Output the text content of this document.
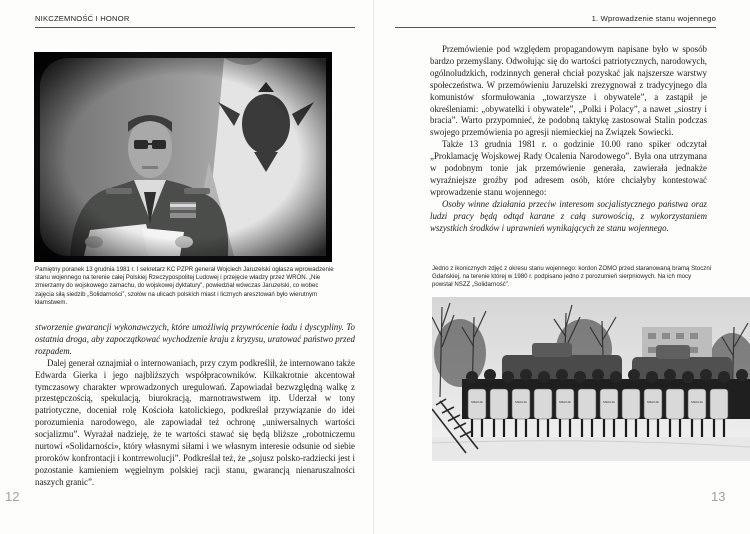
NIKCZEMNOŚĆ I HONOR
Pamiętny poranek 13 grudnia 1981 r. I sekretarz KC PZPR generał Wojciech Jaruzelski ogłasza wprowadzenie stanu wojennego na terenie całej Polskiej Rzeczypospolitej Ludowej i przejęcie władzy przez WRON. „Nie zmierzamy do wojskowego zamachu, do wojskowej dyktatury”, powiedział wówczas Jaruzelski, co wobec zajęcia siłą siedzib „Solidarności”, szołów na ulicach polskich miast i licznych aresztowań było wierutnym kłamstwem.

stworzenie gwarancji wykonawczych, które umożliwią przywrócenie ładu i dyscypliny. To ostatnia droga, aby zapoczątkować wychodzenie kraju z kryzysu, uratować państwo przed rozpadem.

Dalej generał oznajmiał o internowaniach, przy czym podkreślił, że internowano także Edwarda Gierka i jego najbliższych współpracowników. Kilkakrotnie akcentował tymczasowy charakter wprowadzonych uregulowań. Zapowiadał bezwzględną walkę z przestępczością, spekulacją, biurokracją, marnotrawstwem itp. Uderzał w tony patriotyczne, doceniał rolę Kościoła katolickiego, podkreślał przywiązanie do idei porozumienia narodowego, ale zapowiadał też ochronę „uniwersalnych wartości socjalizmu”. Wyrażał nadzieję, że te wartości stawać się będą bliższe „robotniczemu nurtowi «Solidarności», który własnymi siłami i we własnym interesie odsunie od siebie proroków konfrontacji i kontrrewolucji”. Podkreślał też, że „sojusz polsko-radziecki jest i pozostanie kamieniem węgielnym polskiej racji stanu, gwarancją nienaruszalności naszych granic”.

12
1. Wprowadzenie stanu wojennego

Przemówienie pod względem propagandowym napisane było w sposób bardzo przemyślany. Odwołując się do wartości patriotycznych, narodowych, ogólnoludzkich, rodzinnych generał chciał pozyskać jak najszersze warstwy społeczeństwa. W przemówieniu Jaruzelski zrezygnował z tradycyjnego dla komunistów sformułowania „towarzysze i obywatele”, a zastąpił je określeniami: „obywatelki i obywatele”, „Polki i Polacy”, a nawet „siostry i bracia”. Warto przypomnieć, że podobną taktykę zastosował Stalin podczas swojego przemówienia po agresji niemieckiej na Związek Sowiecki.

Także 13 grudnia 1981 r. o godzinie 10.00 rano spiker odczytał „Proklamację Wojskowej Rady Ocalenia Narodowego”. Była ona utrzymana w podobnym tonie jak przemówienie generała, zawierała jednakże wyraźniejsze groźby pod adresem osób, które chciałyby kontestować wprowadzenie stanu wojennego:

Osoby winne działania przeciw interesom socjalistycznego państwa oraz ludzi pracy będą odtąd karane z całą surowością, z wykorzystaniem wszystkich środków i uprawnień wynikających ze stanu wojennego.

Jedno z ikonicznych zdjęć z okresu stanu wojennego: kordon ZOMO przed staranowaną bramą Stoczni Gdańskiej, na terenie której w 1980 r. podpisano jedno z porozumień sierpniowych. Na ich mocy powstał NSZZ „Solidarność”.
MILICJA	MILICJA	MILICJA	MILICJA	MILICJA	MILICJA
13
